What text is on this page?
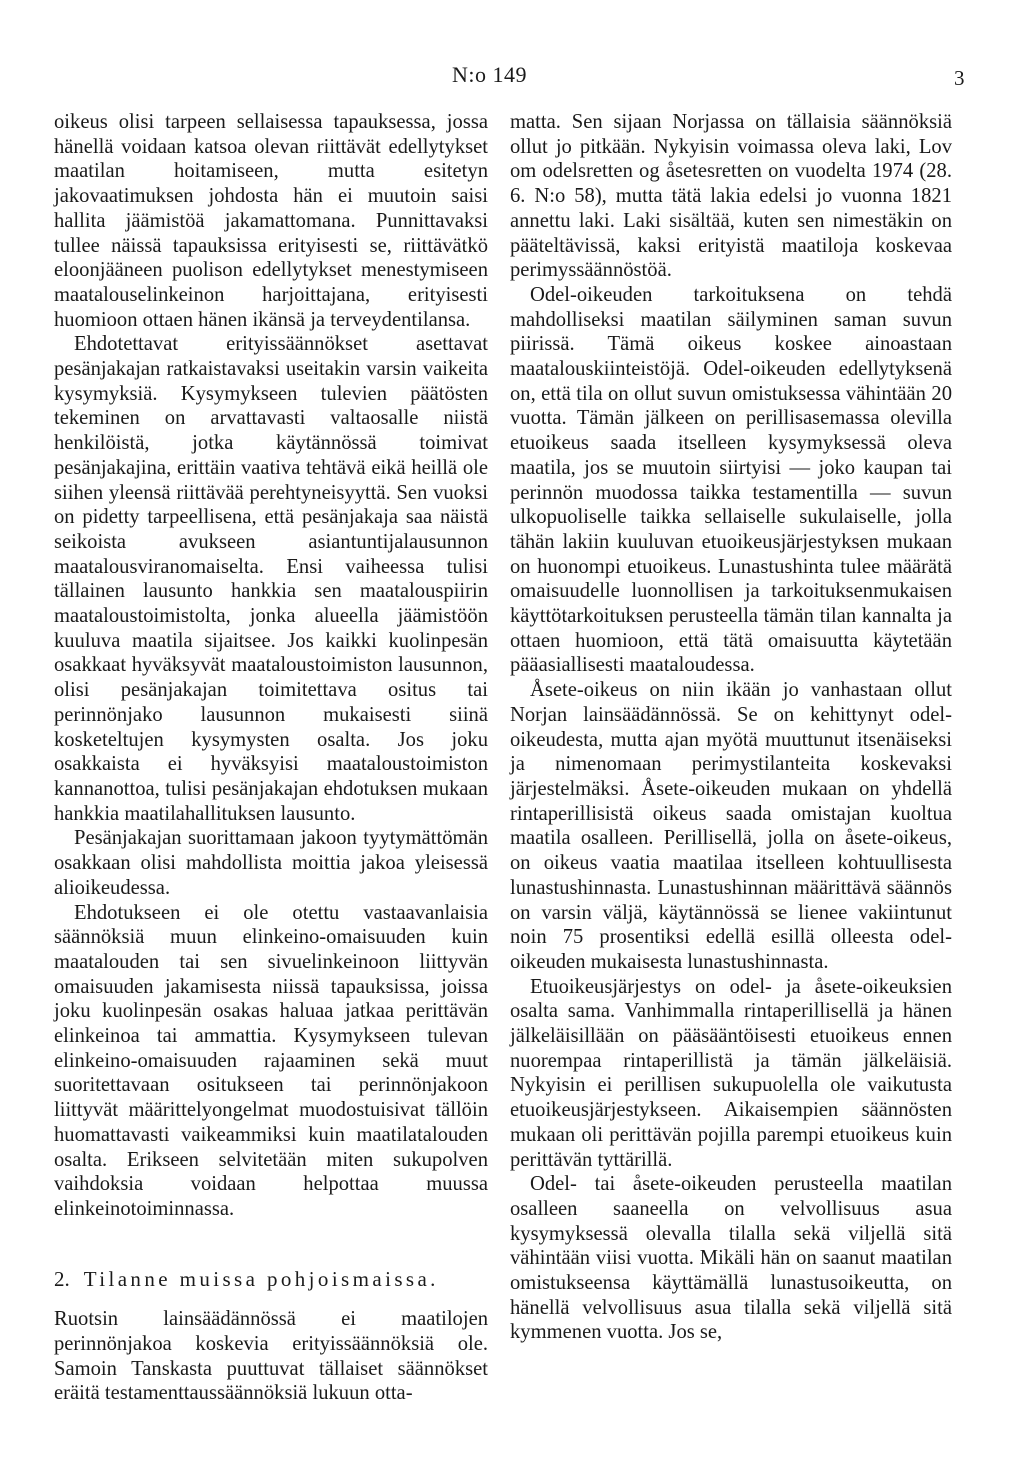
N:o 149	3

oikeus olisi tarpeen sellaisessa tapauksessa, jossa hänellä voidaan katsoa olevan riittävät edellytykset maatilan hoitamiseen, mutta esitetyn jakovaatimuksen johdosta hän ei muutoin saisi hallita jäämistöä jakamattomana. Punnittavaksi tullee näissä tapauksissa erityisesti se, riittävätkö eloonjääneen puolison edellytykset menestymiseen maatalouselinkeinon harjoittajana, erityisesti huomioon ottaen hänen ikänsä ja terveydentilansa.

Ehdotettavat erityissäännökset asettavat pesänjakajan ratkaistavaksi useitakin varsin vaikeita kysymyksiä. Kysymykseen tulevien päätösten tekeminen on arvattavasti valtaosalle niistä henkilöistä, jotka käytännössä toimivat pesänjakajina, erittäin vaativa tehtävä eikä heillä ole siihen yleensä riittävää perehtyneisyyttä. Sen vuoksi on pidetty tarpeellisena, että pesänjakaja saa näistä seikoista avukseen asiantuntijalausunnon maatalousviranomaiselta. Ensi vaiheessa tulisi tällainen lausunto hankkia sen maatalouspiirin maataloustoimistolta, jonka alueella jäämistöön kuuluva maatila sijaitsee. Jos kaikki kuolinpesän osakkaat hyväksyvät maataloustoimiston lausunnon, olisi pesänjakajan toimitettava ositus tai perinnönjako lausunnon mukaisesti siinä kosketeltujen kysymysten osalta. Jos joku osakkaista ei hyväksyisi maataloustoimiston kannanottoa, tulisi pesänjakajan ehdotuksen mukaan hankkia maatilahallituksen lausunto.

Pesänjakajan suorittamaan jakoon tyytymättömän osakkaan olisi mahdollista moittia jakoa yleisessä alioikeudessa.

Ehdotukseen ei ole otettu vastaavanlaisia säännöksiä muun elinkeino-omaisuuden kuin maatalouden tai sen sivuelinkeinoon liittyvän omaisuuden jakamisesta niissä tapauksissa, joissa joku kuolinpesän osakas haluaa jatkaa perittävän elinkeinoa tai ammattia. Kysymykseen tulevan elinkeino-omaisuuden rajaaminen sekä muut suoritettavaan ositukseen tai perinnönjakoon liittyvät määrittelyongelmat muodostuisivat tällöin huomattavasti vaikeammiksi kuin maatilatalouden osalta. Erikseen selvitetään miten sukupolven vaihdoksia voidaan helpottaa muussa elinkeinotoiminnassa.

2. Tilanne muissa pohjoismaissa.

Ruotsin lainsäädännössä ei maatilojen perinnönjakoa koskevia erityissäännöksiä ole. Samoin Tanskasta puuttuvat tällaiset säännökset eräitä testamenttaussäännöksiä lukuun otta-

matta. Sen sijaan Norjassa on tällaisia säännöksiä ollut jo pitkään. Nykyisin voimassa oleva laki, Lov om odelsretten og åsetesretten on vuodelta 1974 (28. 6. N:o 58), mutta tätä lakia edelsi jo vuonna 1821 annettu laki. Laki sisältää, kuten sen nimestäkin on pääteltävissä, kaksi erityistä maatiloja koskevaa perimyssäännöstöä.

Odel-oikeuden tarkoituksena on tehdä mahdolliseksi maatilan säilyminen saman suvun piirissä. Tämä oikeus koskee ainoastaan maatalouskiinteistöjä. Odel-oikeuden edellytyksenä on, että tila on ollut suvun omistuksessa vähintään 20 vuotta. Tämän jälkeen on perillisasemassa olevilla etuoikeus saada itselleen kysymyksessä oleva maatila, jos se muutoin siirtyisi — joko kaupan tai perinnön muodossa taikka testamentilla — suvun ulkopuoliselle taikka sellaiselle sukulaiselle, jolla tähän lakiin kuuluvan etuoikeusjärjestyksen mukaan on huonompi etuoikeus. Lunastushinta tulee määrätä omaisuudelle luonnollisen ja tarkoituksenmukaisen käyttötarkoituksen perusteella tämän tilan kannalta ja ottaen huomioon, että tätä omaisuutta käytetään pääasiallisesti maataloudessa.

Åsete-oikeus on niin ikään jo vanhastaan ollut Norjan lainsäädännössä. Se on kehittynyt odel-oikeudesta, mutta ajan myötä muuttunut itsenäiseksi ja nimenomaan perimystilanteita koskevaksi järjestelmäksi. Åsete-oikeuden mukaan on yhdellä rintaperillisistä oikeus saada omistajan kuoltua maatila osalleen. Perillisellä, jolla on åsete-oikeus, on oikeus vaatia maatilaa itselleen kohtuullisesta lunastushinnasta. Lunastushinnan määrittävä säännös on varsin väljä, käytännössä se lienee vakiintunut noin 75 prosentiksi edellä esillä olleesta odel-oikeuden mukaisesta lunastushinnasta.

Etuoikeusjärjestys on odel- ja åsete-oikeuksien osalta sama. Vanhimmalla rintaperillisellä ja hänen jälkeläisillään on pääsääntöisesti etuoikeus ennen nuorempaa rintaperillistä ja tämän jälkeläisiä. Nykyisin ei perillisen sukupuolella ole vaikutusta etuoikeusjärjestykseen. Aikaisempien säännösten mukaan oli perittävän pojilla parempi etuoikeus kuin perittävän tyttärillä.

Odel- tai åsete-oikeuden perusteella maatilan osalleen saaneella on velvollisuus asua kysymyksessä olevalla tilalla sekä viljellä sitä vähintään viisi vuotta. Mikäli hän on saanut maatilan omistukseensa käyttämällä lunastusoikeutta, on hänellä velvollisuus asua tilalla sekä viljellä sitä kymmenen vuotta. Jos se,
